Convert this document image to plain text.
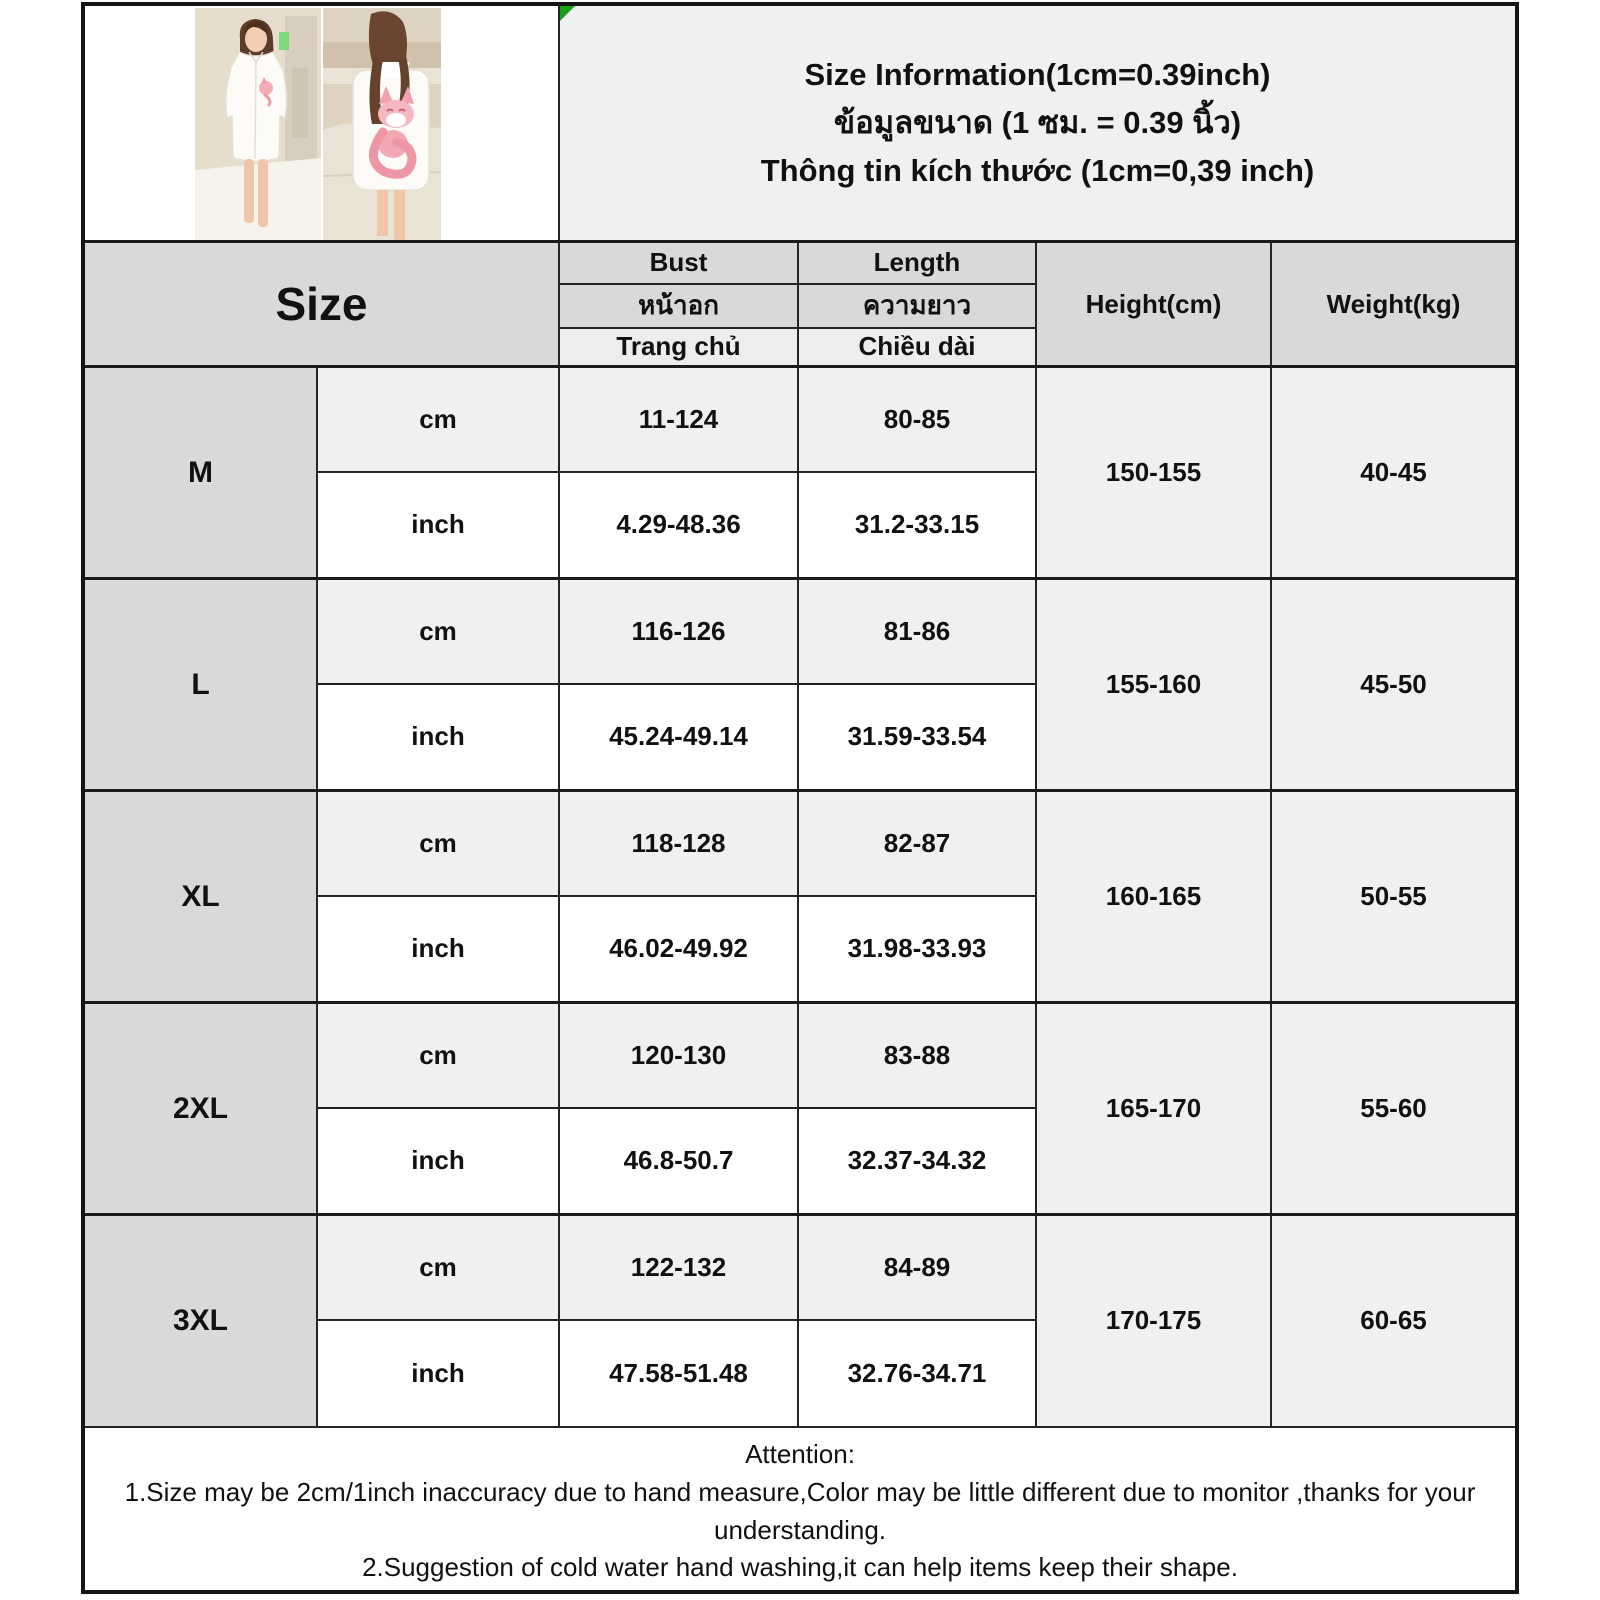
Size Information(1cm=0.39inch)
ข้อมูลขนาด (1 ซม. = 0.39 นิ้ว)
Thông tin kích thước (1cm=0,39 inch)			

Size		Bust	Length	Height(cm)	Weight(kg)
		หน้าอก	ความยาว		
		Trang chủ	Chiều dài		
M	cm	11-124	80-85	150-155	40-45
	inch	4.29-48.36	31.2-33.15		
L	cm	116-126	81-86	155-160	45-50
	inch	45.24-49.14	31.59-33.54		
XL	cm	118-128	82-87	160-165	50-55
	inch	46.02-49.92	31.98-33.93		
2XL	cm	120-130	83-88	165-170	55-60
	inch	46.8-50.7	32.37-34.32		
3XL	cm	122-132	84-89	170-175	60-65
	inch	47.58-51.48	32.76-34.71		

Attention:
1.Size may be 2cm/1inch inaccuracy due to hand measure,Color may be little different due to monitor ,thanks for your understanding.
2.Suggestion of cold water hand washing,it can help items keep their shape.					
